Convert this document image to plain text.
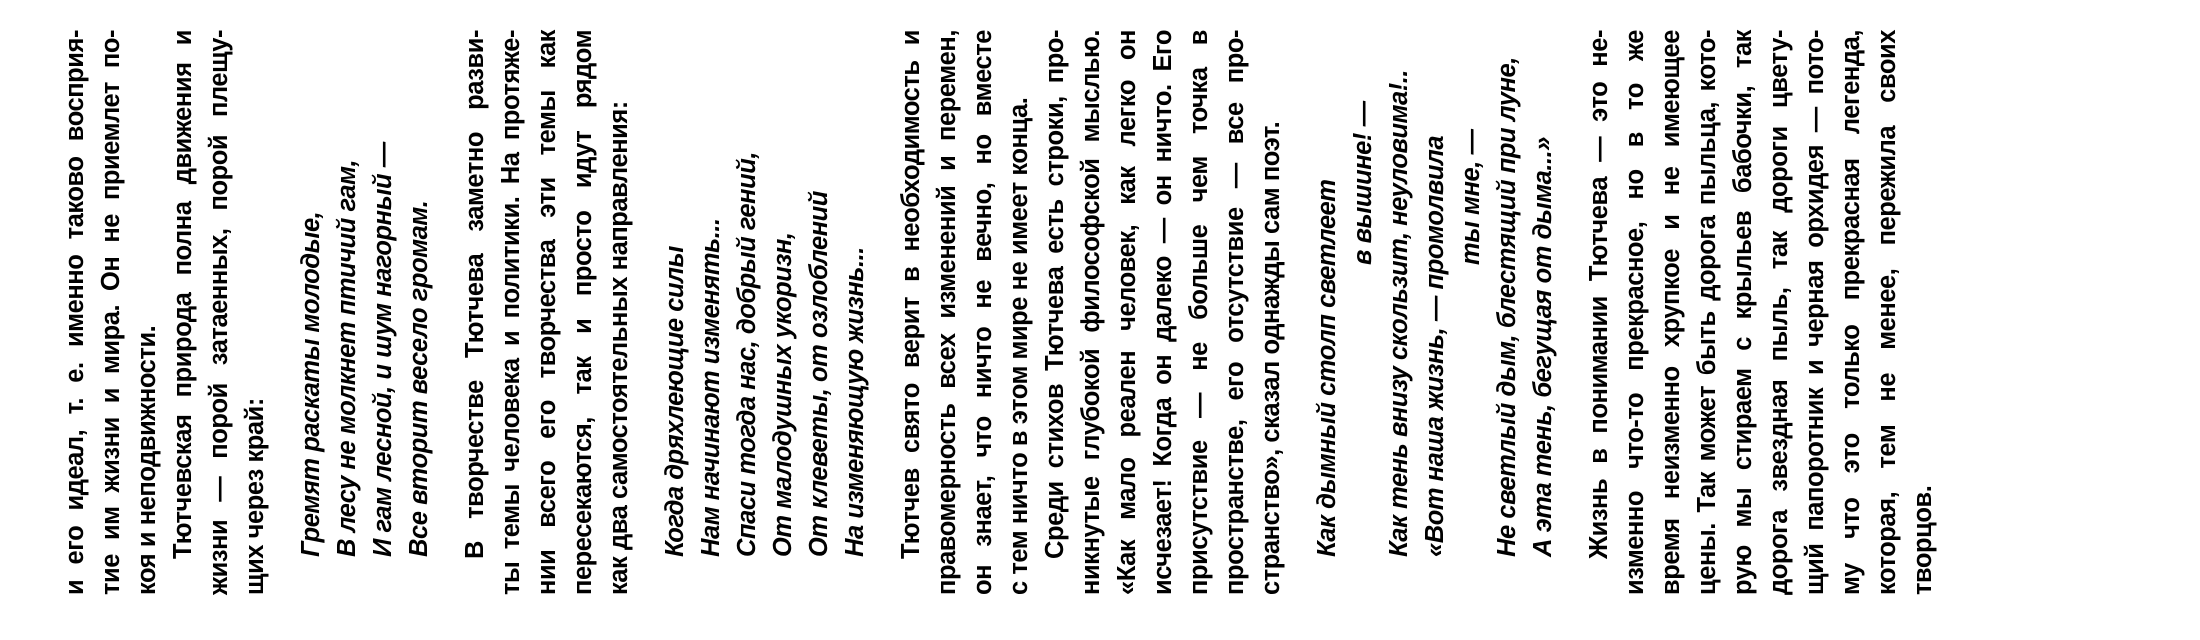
и его идеал, т. е. именно таково восприя- тие им жизни и мира. Он не приемлет по- коя и неподвижности. Тютчевская природа полна движения и жизни — порой затаенных, порой плещу- щих через край: Гремят раскаты молодые, В лесу не молкнет птичий гам, И гам лесной, и шум нагорный — Все вторит весело громам. В творчестве Тютчева заметно разви- ты темы человека и политики. На протяже- нии всего его творчества эти темы как пересекаются, так и просто идут рядом как два самостоятельных направления: Когда дряхлеющие силы Нам начинают изменять... Спаси тогда нас, добрый гений, От малодушных укоризн, От клеветы, от озлоблений На изменяющую жизнь... Тютчев свято верит в необходимость и правомерность всех изменений и перемен, он знает, что ничто не вечно, но вместе с тем ничто в этом мире не имеет конца. Среди стихов Тютчева есть строки, про- никнутые глубокой философской мыслью. «Как мало реален человек, как легко он исчезает! Когда он далеко — он ничто. Его присутствие — не больше чем точка в пространстве, его отсутствие — все про- странство», сказал однажды сам поэт. Как дымный столп светлеет в вышине! — Как тень внизу скользит, неуловима!.. «Вот наша жизнь, — промолвила ты мне, — Не светлый дым, блестящий при луне, А эта тень, бегущая от дыма...» Жизнь в понимании Тютчева — это не- изменно что-то прекрасное, но в то же время неизменно хрупкое и не имеющее цены. Так может быть дорога пыльца, кото- рую мы стираем с крыльев бабочки, так дорога звездная пыль, так дороги цвету- щий папоротник и черная орхидея — пото- му что это только прекрасная легенда, которая, тем не менее, пережила своих творцов.
